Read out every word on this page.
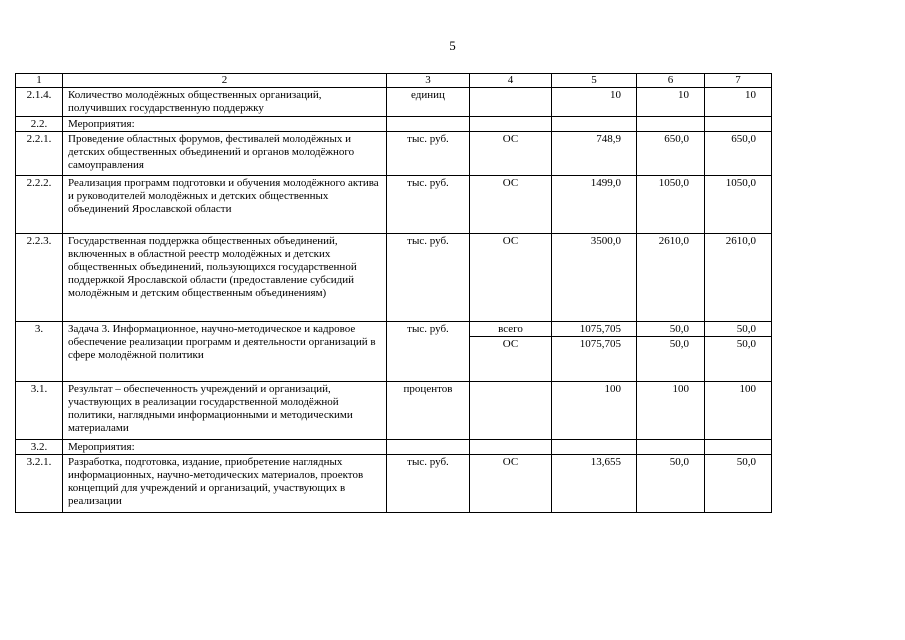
5
1	2	3	4	5	6	7
2.1.4.	Количество молодёжных общественных организаций, получивших государственную поддержку	единиц		10	10	10
2.2.	Мероприятия:					
2.2.1.	Проведение областных форумов, фестивалей молодёжных и детских общественных объединений и органов молодёжного самоуправления	тыс. руб.	ОС	748,9	650,0	650,0
2.2.2.	Реализация программ подготовки и обучения молодёжного актива и руководителей молодёжных и детских общественных объединений Ярославской области	тыс. руб.	ОС	1499,0	1050,0	1050,0
2.2.3.	Государственная поддержка общественных объединений, включенных в областной реестр молодёжных и детских общественных объединений, пользующихся государственной поддержкой Ярославской области (предоставление субсидий молодёжным и детским общественным объединениям)	тыс. руб.	ОС	3500,0	2610,0	2610,0
3.	Задача 3. Информационное, научно-методическое и кадровое обеспечение реализации программ и деятельности организаций в сфере молодёжной политики	тыс. руб.	всего	1075,705	50,0	50,0
			ОС	1075,705	50,0	50,0
3.1.	Результат – обеспеченность учреждений и организаций, участвующих в реализации государственной молодёжной политики, наглядными информационными и методическими материалами	процентов		100	100	100
3.2.	Мероприятия:					
3.2.1.	Разработка, подготовка, издание, приобретение наглядных информационных, научно-методических материалов, проектов концепций для учреждений и организаций, участвующих в реализации	тыс. руб.	ОС	13,655	50,0	50,0
